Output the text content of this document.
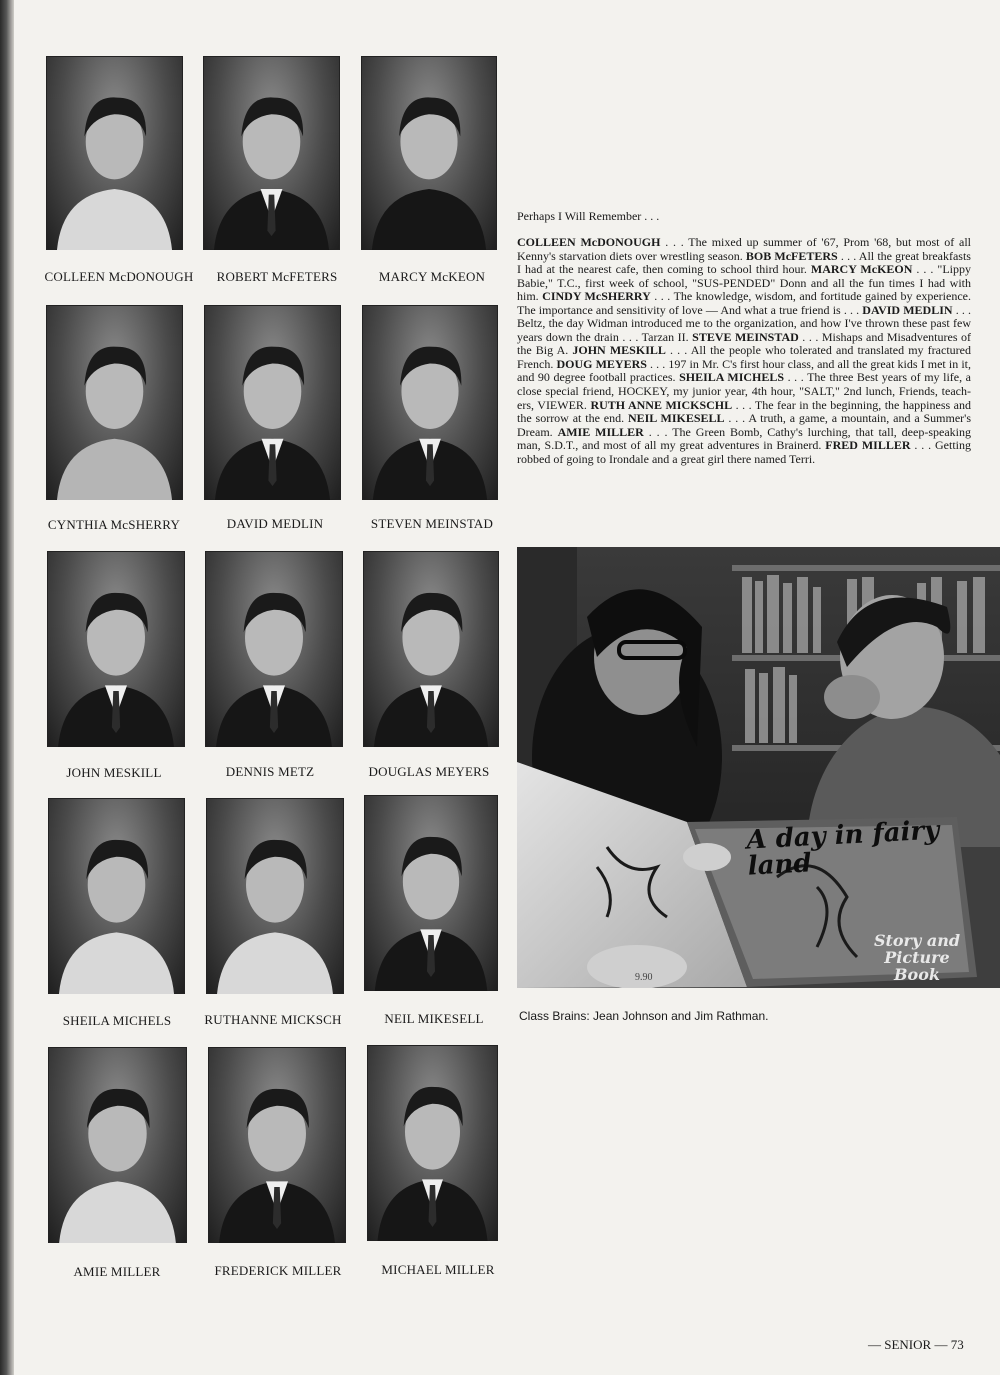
COLLEEN McDONOUGH	ROBERT McFETERS	MARCY McKEON
CYNTHIA McSHERRY	DAVID MEDLIN	STEVEN MEINSTAD
JOHN MESKILL	DENNIS METZ	DOUGLAS MEYERS
SHEILA MICHELS	RUTHANNE MICKSCH	NEIL MIKESELL
AMIE MILLER	FREDERICK MILLER	MICHAEL MILLER
Perhaps I Will Remember . . .
COLLEEN McDONOUGH . . . The mixed up summer of '67, Prom '68, but most of all Kenny's starvation diets over wrestling season. BOB McFETERS . . . All the great breakfasts I had at the nearest cafe, then coming to school third hour. MARCY McKEON . . . "Lippy Babie," T.C., first week of school, "SUS-PENDED" Donn and all the fun times I had with him. CINDY McSHERRY . . . The knowledge, wisdom, and fortitude gained by experience. The importance and sensitivity of love — And what a true friend is . . . DAVID MEDLIN . . . Beltz, the day Widman introduced me to the organization, and how I've thrown these past few years down the drain . . . Tarzan II. STEVE MEINSTAD . . . Mishaps and Misadventures of the Big A. JOHN MESKILL . . . All the people who tolerated and translated my fractured French. DOUG MEYERS . . . 197 in Mr. C's first hour class, and all the great kids I met in it, and 90 degree football practices. SHEILA MICHELS . . . The three Best years of my life, a close special friend, HOCKEY, my junior year, 4th hour, "SALT," 2nd lunch, Friends, teach-ers, VIEWER. RUTH ANNE MICKSCHL . . . The fear in the beginning, the happiness and the sorrow at the end. NEIL MIKESELL . . . A truth, a game, a mountain, and a Summer's Dream. AMIE MILLER . . . The Green Bomb, Cathy's lurching, that tall, deep-speaking man, S.D.T., and most of all my great adventures in Brainerd. FRED MILLER . . . Getting robbed of going to Irondale and a great girl there named Terri.
A day in fairy land
Story and Picture Book
9.90
Class Brains: Jean Johnson and Jim Rathman.
— SENIOR — 73
